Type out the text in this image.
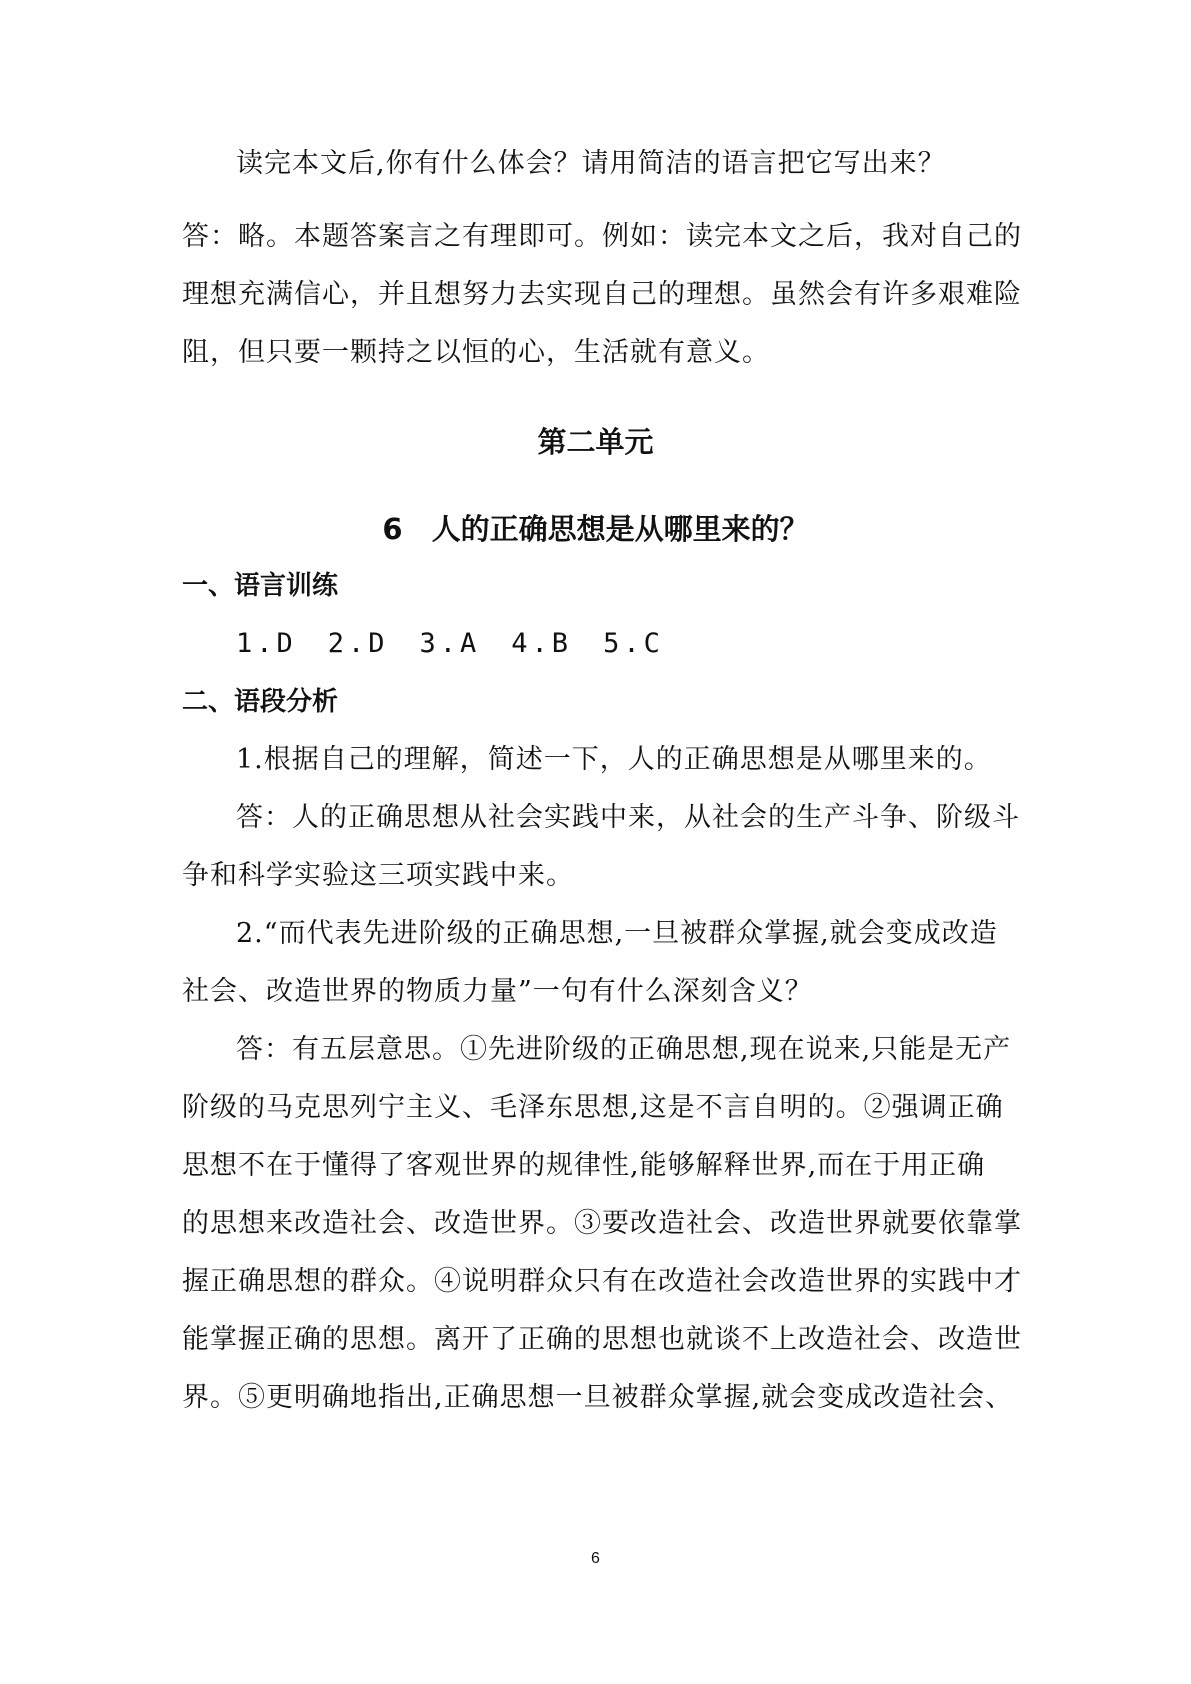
读完本文后,你有什么体会？请用简洁的语言把它写出来？
答：略。本题答案言之有理即可。例如：读完本文之后，我对自己的
理想充满信心，并且想努力去实现自己的理想。虽然会有许多艰难险
阻，但只要一颗持之以恒的心，生活就有意义。
第二单元
6　人的正确思想是从哪里来的？
一、语言训练
1.D　2.D　3.A　4.B　5.C
二、语段分析
1.根据自己的理解，简述一下，人的正确思想是从哪里来的。
答：人的正确思想从社会实践中来，从社会的生产斗争、阶级斗
争和科学实验这三项实践中来。
2.“而代表先进阶级的正确思想,一旦被群众掌握,就会变成改造
社会、改造世界的物质力量”一句有什么深刻含义？
答：有五层意思。①先进阶级的正确思想,现在说来,只能是无产
阶级的马克思列宁主义、毛泽东思想,这是不言自明的。②强调正确
思想不在于懂得了客观世界的规律性,能够解释世界,而在于用正确
的思想来改造社会、改造世界。③要改造社会、改造世界就要依靠掌
握正确思想的群众。④说明群众只有在改造社会改造世界的实践中才
能掌握正确的思想。离开了正确的思想也就谈不上改造社会、改造世
界。⑤更明确地指出,正确思想一旦被群众掌握,就会变成改造社会、
6
